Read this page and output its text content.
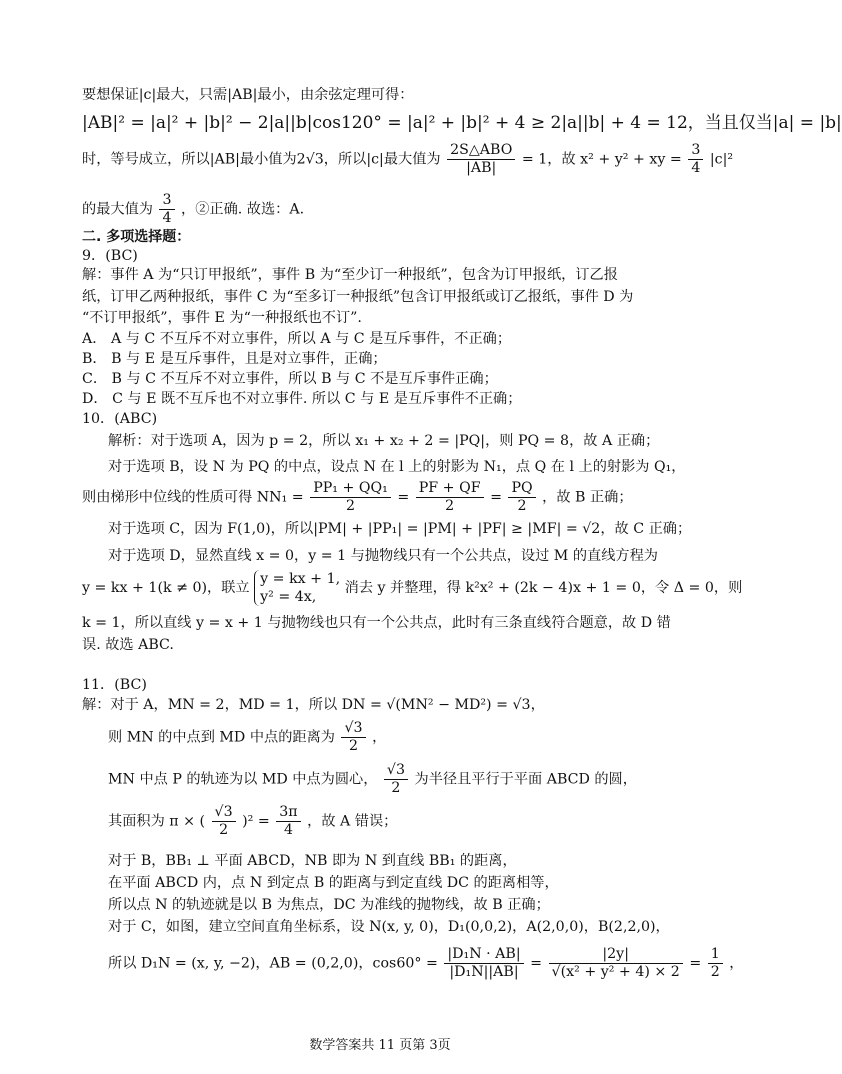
要想保证|c|最大，只需|AB|最小，由余弦定理可得：
|AB|² = |a|² + |b|² − 2|a||b|cos120° = |a|² + |b|² + 4 ≥ 2|a||b| + 4 = 12，当且仅当|a| = |b|
时，等号成立，所以|AB|最小值为2√3，所以|c|最大值为 $\frac{\text{2S△ABO}}{|AB|} = 1$，故 x² + y² + xy = $\frac{3}{4} |c|^2$
的最大值为 $\frac{3}{4}$ ，②正确. 故选：A.
二. 多项选择题：
9．(BC)
解：事件 A 为“只订甲报纸”，事件 B 为“至少订一种报纸”，包含为订甲报纸，订乙报
纸，订甲乙两种报纸，事件 C 为“至多订一种报纸”包含订甲报纸或订乙报纸，事件 D 为
“不订甲报纸”，事件 E 为“一种报纸也不订”.
A． A 与 C 不互斥不对立事件，所以 A 与 C 是互斥事件，不正确；
B． B 与 E 是互斥事件，且是对立事件，正确；
C． B 与 C 不互斥不对立事件，所以 B 与 C 不是互斥事件正确；
D． C 与 E 既不互斥也不对立事件. 所以 C 与 E 是互斥事件不正确；
10．(ABC)
解析：对于选项 A，因为 p = 2，所以 x₁ + x₂ + 2 = |PQ|，则 PQ = 8，故 A 正确；
对于选项 B，设 N 为 PQ 的中点，设点 N 在 l 上的射影为 N₁，点 Q 在 l 上的射影为 Q₁，
则由梯形中位线的性质可得 $NN_1 = \frac{\text{PP₁ + QQ₁}}{2} = \frac{PF + QF}{2} = \frac{PQ}{2}$ ，故 B 正确；
对于选项 C，因为 F(1,0)，所以|PM| + |PP₁| = |PM| + |PF| ≥ |MF| = √2，故 C 正确；
对于选项 D，显然直线 x = 0，y = 1 与抛物线只有一个公共点，设过 M 的直线方程为
y = kx + 1(k ≠ 0)，联立
y = kx + 1,
y² = 4x,
消去 y 并整理，得 k²x² + (2k − 4)x + 1 = 0，令 Δ = 0，则
k = 1，所以直线 y = x + 1 与抛物线也只有一个公共点，此时有三条直线符合题意，故 D 错
误. 故选 ABC.
11．(BC)
解：对于 A，MN = 2，MD = 1，所以 DN = √(MN² − MD²) = √3，
则 MN 的中点到 MD 中点的距离为 $\frac{√3}{2}$ ，
MN 中点 P 的轨迹为以 MD 中点为圆心， $\frac{√3}{2}$ 为半径且平行于平面 ABCD 的圆，
其面积为 π × ( $\frac{√3}{2} )^2 = \frac{3\pi}{4}$ ，故 A 错误；
对于 B，BB₁ ⊥ 平面 ABCD，NB 即为 N 到直线 BB₁ 的距离，
在平面 ABCD 内，点 N 到定点 B 的距离与到定直线 DC 的距离相等，
所以点 N 的轨迹就是以 B 为焦点，DC 为准线的抛物线，故 B 正确；
对于 C，如图，建立空间直角坐标系，设 N(x, y, 0)，D₁(0,0,2)，A(2,0,0)，B(2,2,0)，
所以 D₁N = (x, y, −2)，AB = (0,2,0)，$\cos 60^\circ = \frac{\text{|D₁N · AB|}}{\text{|D₁N||AB|}} = \frac{|2y|}{\text{√(x² + y² + 4) × 2}} = \frac{1}{2}$ ，
数学答案共 11 页第 3页
